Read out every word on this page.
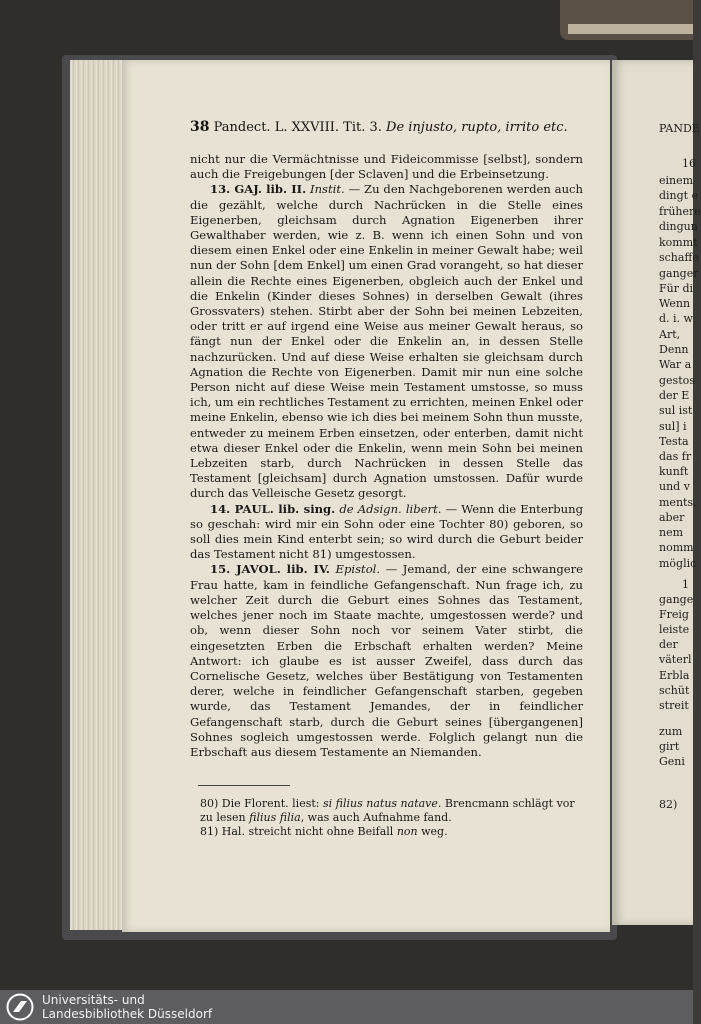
PANDE
16
einem
dingt e
frühere
dingun
kommt
schaffe
ganger
Für di
Wenn
d. i. w
Art,
Denn
War a
gestos
der E
sul ist
sul] i
Testa
das fr
kunft
und v
ments.
aber
nem
nomm
möglic
1
gange
Freig
leiste
der
väterl
Erbla
schüt
streit
zum
girt
Geni
82)
38 Pandect. L. XXVIII. Tit. 3. De injusto, rupto, irrito etc.

nicht nur die Vermächtnisse und Fideicommisse [selbst], sondern auch die Freigebungen [der Sclaven] und die Erbeinsetzung.

13. GAJ. lib. II. Instit. — Zu den Nachgeborenen werden auch die gezählt, welche durch Nachrücken in die Stelle eines Eigenerben, gleichsam durch Agnation Eigenerben ihrer Gewalthaber werden, wie z. B. wenn ich einen Sohn und von diesem einen Enkel oder eine Enkelin in meiner Gewalt habe; weil nun der Sohn [dem Enkel] um einen Grad vorangeht, so hat dieser allein die Rechte eines Eigenerben, obgleich auch der Enkel und die Enkelin (Kinder dieses Sohnes) in derselben Gewalt (ihres Grossvaters) stehen. Stirbt aber der Sohn bei meinen Lebzeiten, oder tritt er auf irgend eine Weise aus meiner Gewalt heraus, so fängt nun der Enkel oder die Enkelin an, in dessen Stelle nachzurücken. Und auf diese Weise erhalten sie gleichsam durch Agnation die Rechte von Eigenerben. Damit mir nun eine solche Person nicht auf diese Weise mein Testament umstosse, so muss ich, um ein rechtliches Testament zu errichten, meinen Enkel oder meine Enkelin, ebenso wie ich dies bei meinem Sohn thun musste, entweder zu meinem Erben einsetzen, oder enterben, damit nicht etwa dieser Enkel oder die Enkelin, wenn mein Sohn bei meinen Lebzeiten starb, durch Nachrücken in dessen Stelle das Testament [gleichsam] durch Agnation umstossen. Dafür wurde durch das Velleische Gesetz gesorgt.

14. PAUL. lib. sing. de Adsign. libert. — Wenn die Enterbung so geschah: wird mir ein Sohn oder eine Tochter 80) geboren, so soll dies mein Kind enterbt sein; so wird durch die Geburt beider das Testament nicht 81) umgestossen.

15. JAVOL. lib. IV. Epistol. — Jemand, der eine schwangere Frau hatte, kam in feindliche Gefangenschaft. Nun frage ich, zu welcher Zeit durch die Geburt eines Sohnes das Testament, welches jener noch im Staate machte, umgestossen werde? und ob, wenn dieser Sohn noch vor seinem Vater stirbt, die eingesetzten Erben die Erbschaft erhalten werden? Meine Antwort: ich glaube es ist ausser Zweifel, dass durch das Cornelische Gesetz, welches über Bestätigung von Testamenten derer, welche in feindlicher Gefangenschaft starben, gegeben wurde, das Testament Jemandes, der in feindlicher Gefangenschaft starb, durch die Geburt seines [übergangenen] Sohnes sogleich umgestossen werde. Folglich gelangt nun die Erbschaft aus diesem Testamente an Niemanden.

80) Die Florent. liest: si filius natus natave. Brencmann schlägt vor zu lesen filius filia, was auch Aufnahme fand.

81) Hal. streicht nicht ohne Beifall non weg.

Universitäts- und
Landesbibliothek Düsseldorf
